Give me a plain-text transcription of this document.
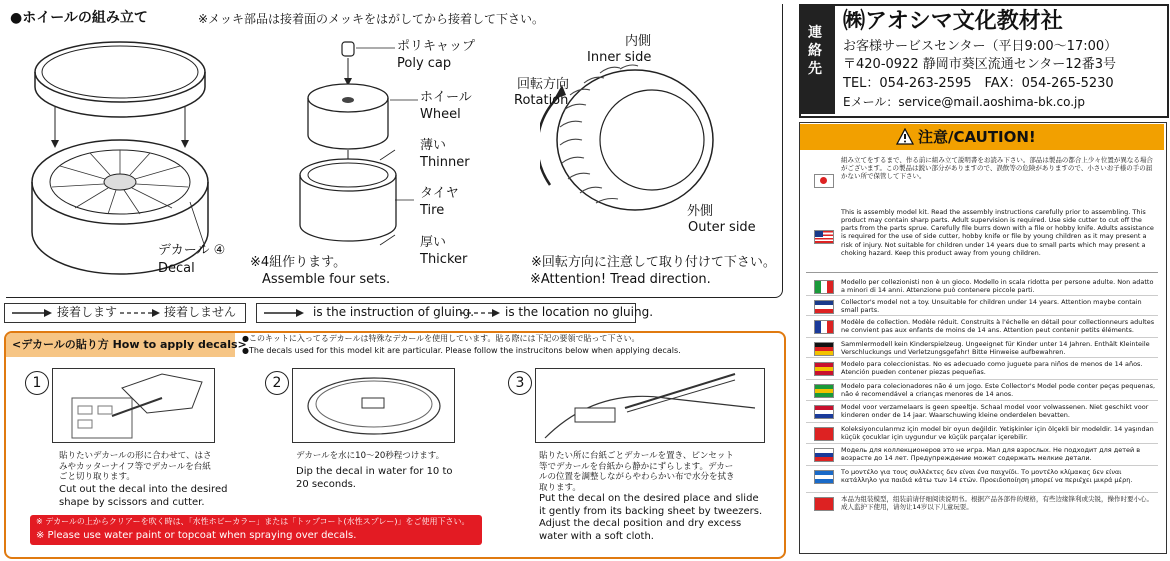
●ホイールの組み立て	※メッキ部品は接着面のメッキをはがしてから接着して下さい。
デカール ④
Decal
ポリキャップ
Poly cap
ホイール
Wheel
薄い
Thinner
タイヤ
Tire
厚い
Thicker
※4組作ります。
Assemble four sets.
内側
Inner side
回転方向
Rotation
外側
Outer side
※回転方向に注意して取り付けて下さい。
※Attention! Tread direction.
接着します	接着しません	is the instruction of gluing.	is the location no gluing.
<デカールの貼り方 How to apply decals>
●このキットに入ってるデカールは特殊なデカールを使用しています。貼る際には下記の要領で貼って下さい。
●The decals used for this model kit are particular. Please follow the instrucitons below when applying decals.
1
貼りたいデカールの形に合わせて、はさみやカッターナイフ等でデカールを台紙ごと切り取ります。
Cut out the decal into the desired shape by scissors and cutter.
2
デカールを水に10〜20秒程つけます。
Dip the decal in water for 10 to 20 seconds.
3
貼りたい所に台紙ごとデカールを置き、ピンセット等でデカールを台紙から静かにずらします。デカールの位置を調整しながらやわらかい布で水分を拭き取ります。
Put the decal on the desired place and slide it gently from its backing sheet by tweezers. Adjust the decal position and dry excess water with a soft cloth.
※ デカールの上からクリアーを吹く時は、「水性ホビーカラー」または「トップコート(水性スプレー)」をご使用下さい。
※ Please use water paint or topcoat when spraying over decals.
連絡先
㈱アオシマ文化教材社
お客様サービスセンター（平日9:00〜17:00）
〒420-0922 静岡市葵区流通センター12番3号
TEL：054-263-2595　FAX：054-265-5230
Eメール：service@mail.aoshima-bk.co.jp
注意/CAUTION!
組み立てをするまで、作る前に組み立て説明書をお読み下さい。部品は製品の都合上少々位置が異なる場合がございます。この製品は鋭い部分がありますので、誤飲等の危険がありますので、小さいお子様の手の届かない所で保管して下さい。
This is assembly model kit. Read the assembly instructions carefully prior to assembling. This product may contain sharp parts. Adult supervision is required. Use side cutter to cut off the parts from the parts sprue. Carefully file burrs down with a file or hobby knife. Adults assistance is required for the use of side cutter, hobby knife or file by young children as it may present a risk of injury. Not suitable for children under 14 years due to small parts which may present a choking hazard. Keep this product away from young children.
Modello per collezionisti non è un gioco. Modello in scala ridotta per persone adulte. Non adatto a minori di 14 anni. Attenzione può contenere piccole parti.
Collector's model not a toy. Unsuitable for children under 14 years. Attention maybe contain small parts.
Modèle de collection. Modèle réduit. Construits à l'échelle en détail pour collectionneurs adultes ne convient pas aux enfants de moins de 14 ans. Attention peut contenir petits éléments.
Sammlermodell kein Kinderspielzeug. Ungeeignet für Kinder unter 14 Jahren. Enthält Kleinteile Verschluckungs und Verletzungsgefahr! Bitte Hinweise aufbewahren.
Modelo para coleccionistas. No es adecuado como juguete para niños de menos de 14 años. Atención pueden contener piezas pequeñas.
Modelo para colecionadores não é um jogo. Este Collector's Model pode conter peças pequenas, não é recomendável a crianças menores de 14 anos.
Model voor verzamelaars is geen speeltje. Schaal model voor volwassenen. Niet geschikt voor kinderen onder de 14 jaar. Waarschuwing kleine onderdelen bevatten.
Koleksiyoncularımız için model bir oyun değildir. Yetişkinler için ölçekli bir modeldir. 14 yaşından küçük çocuklar için uygundur ve küçük parçalar içerebilir.
Модель для коллекционеров это не игра. Мал для взрослых. Не подходит для детей в возрасте до 14 лет. Предупреждение может содержать мелкие детали.
Το μοντέλο για τους συλλέκτες δεν είναι ένα παιχνίδι. Το μοντέλο κλίμακας δεν είναι κατάλληλο για παιδιά κάτω των 14 ετών. Προειδοποίηση μπορεί να περιέχει μικρά μέρη.
本品为组装模型，组装前请仔细阅读说明书。根据产品各部件的规格，有些边缘锋利或尖锐，操作时要小心。成人监护下使用，请勿让14岁以下儿童玩耍。
